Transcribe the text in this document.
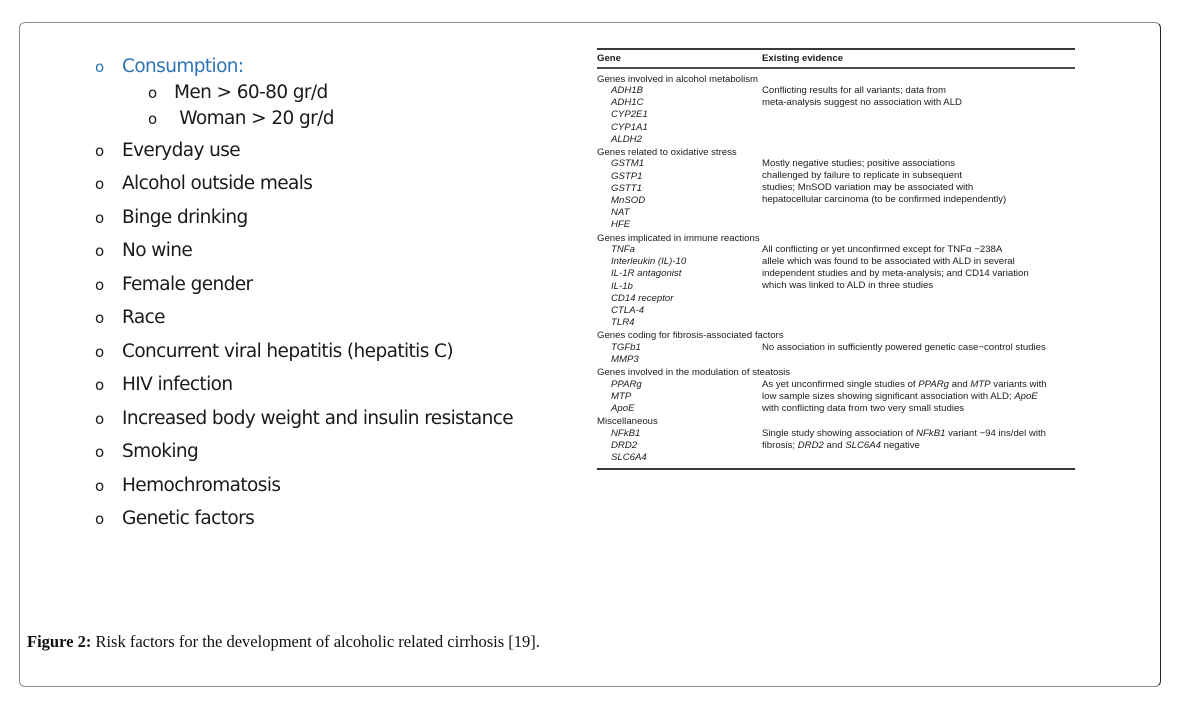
o Consumption:
o Men > 60-80 gr/d
o Woman > 20 gr/d
o Everyday use
o Alcohol outside meals
o Binge drinking
o No wine
o Female gender
o Race
o Concurrent viral hepatitis (hepatitis C)
o HIV infection
o Increased body weight and insulin resistance
o Smoking
o Hemochromatosis
o Genetic factors
Gene	Existing evidence
Genes involved in alcohol metabolism
ADH1B
ADH1C
CYP2E1
CYP1A1
ALDH2
Conflicting results for all variants; data from
meta-analysis suggest no association with ALD
Genes related to oxidative stress
GSTM1
GSTP1
GSTT1
MnSOD
NAT
HFE
Mostly negative studies; positive associations
challenged by failure to replicate in subsequent
studies; MnSOD variation may be associated with
hepatocellular carcinoma (to be confirmed independently)
Genes implicated in immune reactions
TNFa
Interleukin (IL)-10
IL-1R antagonist
IL-1b
CD14 receptor
CTLA-4
TLR4
All conflicting or yet unconfirmed except for TNFα −238A
allele which was found to be associated with ALD in several
independent studies and by meta-analysis; and CD14 variation
which was linked to ALD in three studies
Genes coding for fibrosis-associated factors
TGFb1
MMP3
No association in sufficiently powered genetic case−control studies
Genes involved in the modulation of steatosis
PPARg
MTP
ApoE
As yet unconfirmed single studies of PPARg and MTP variants with
low sample sizes showing significant association with ALD; ApoE
with conflicting data from two very small studies
Miscellaneous
NFkB1
DRD2
SLC6A4
Single study showing association of NFkB1 variant −94 ins/del with
fibrosis; DRD2 and SLC6A4 negative
Figure 2: Risk factors for the development of alcoholic related cirrhosis [19].
